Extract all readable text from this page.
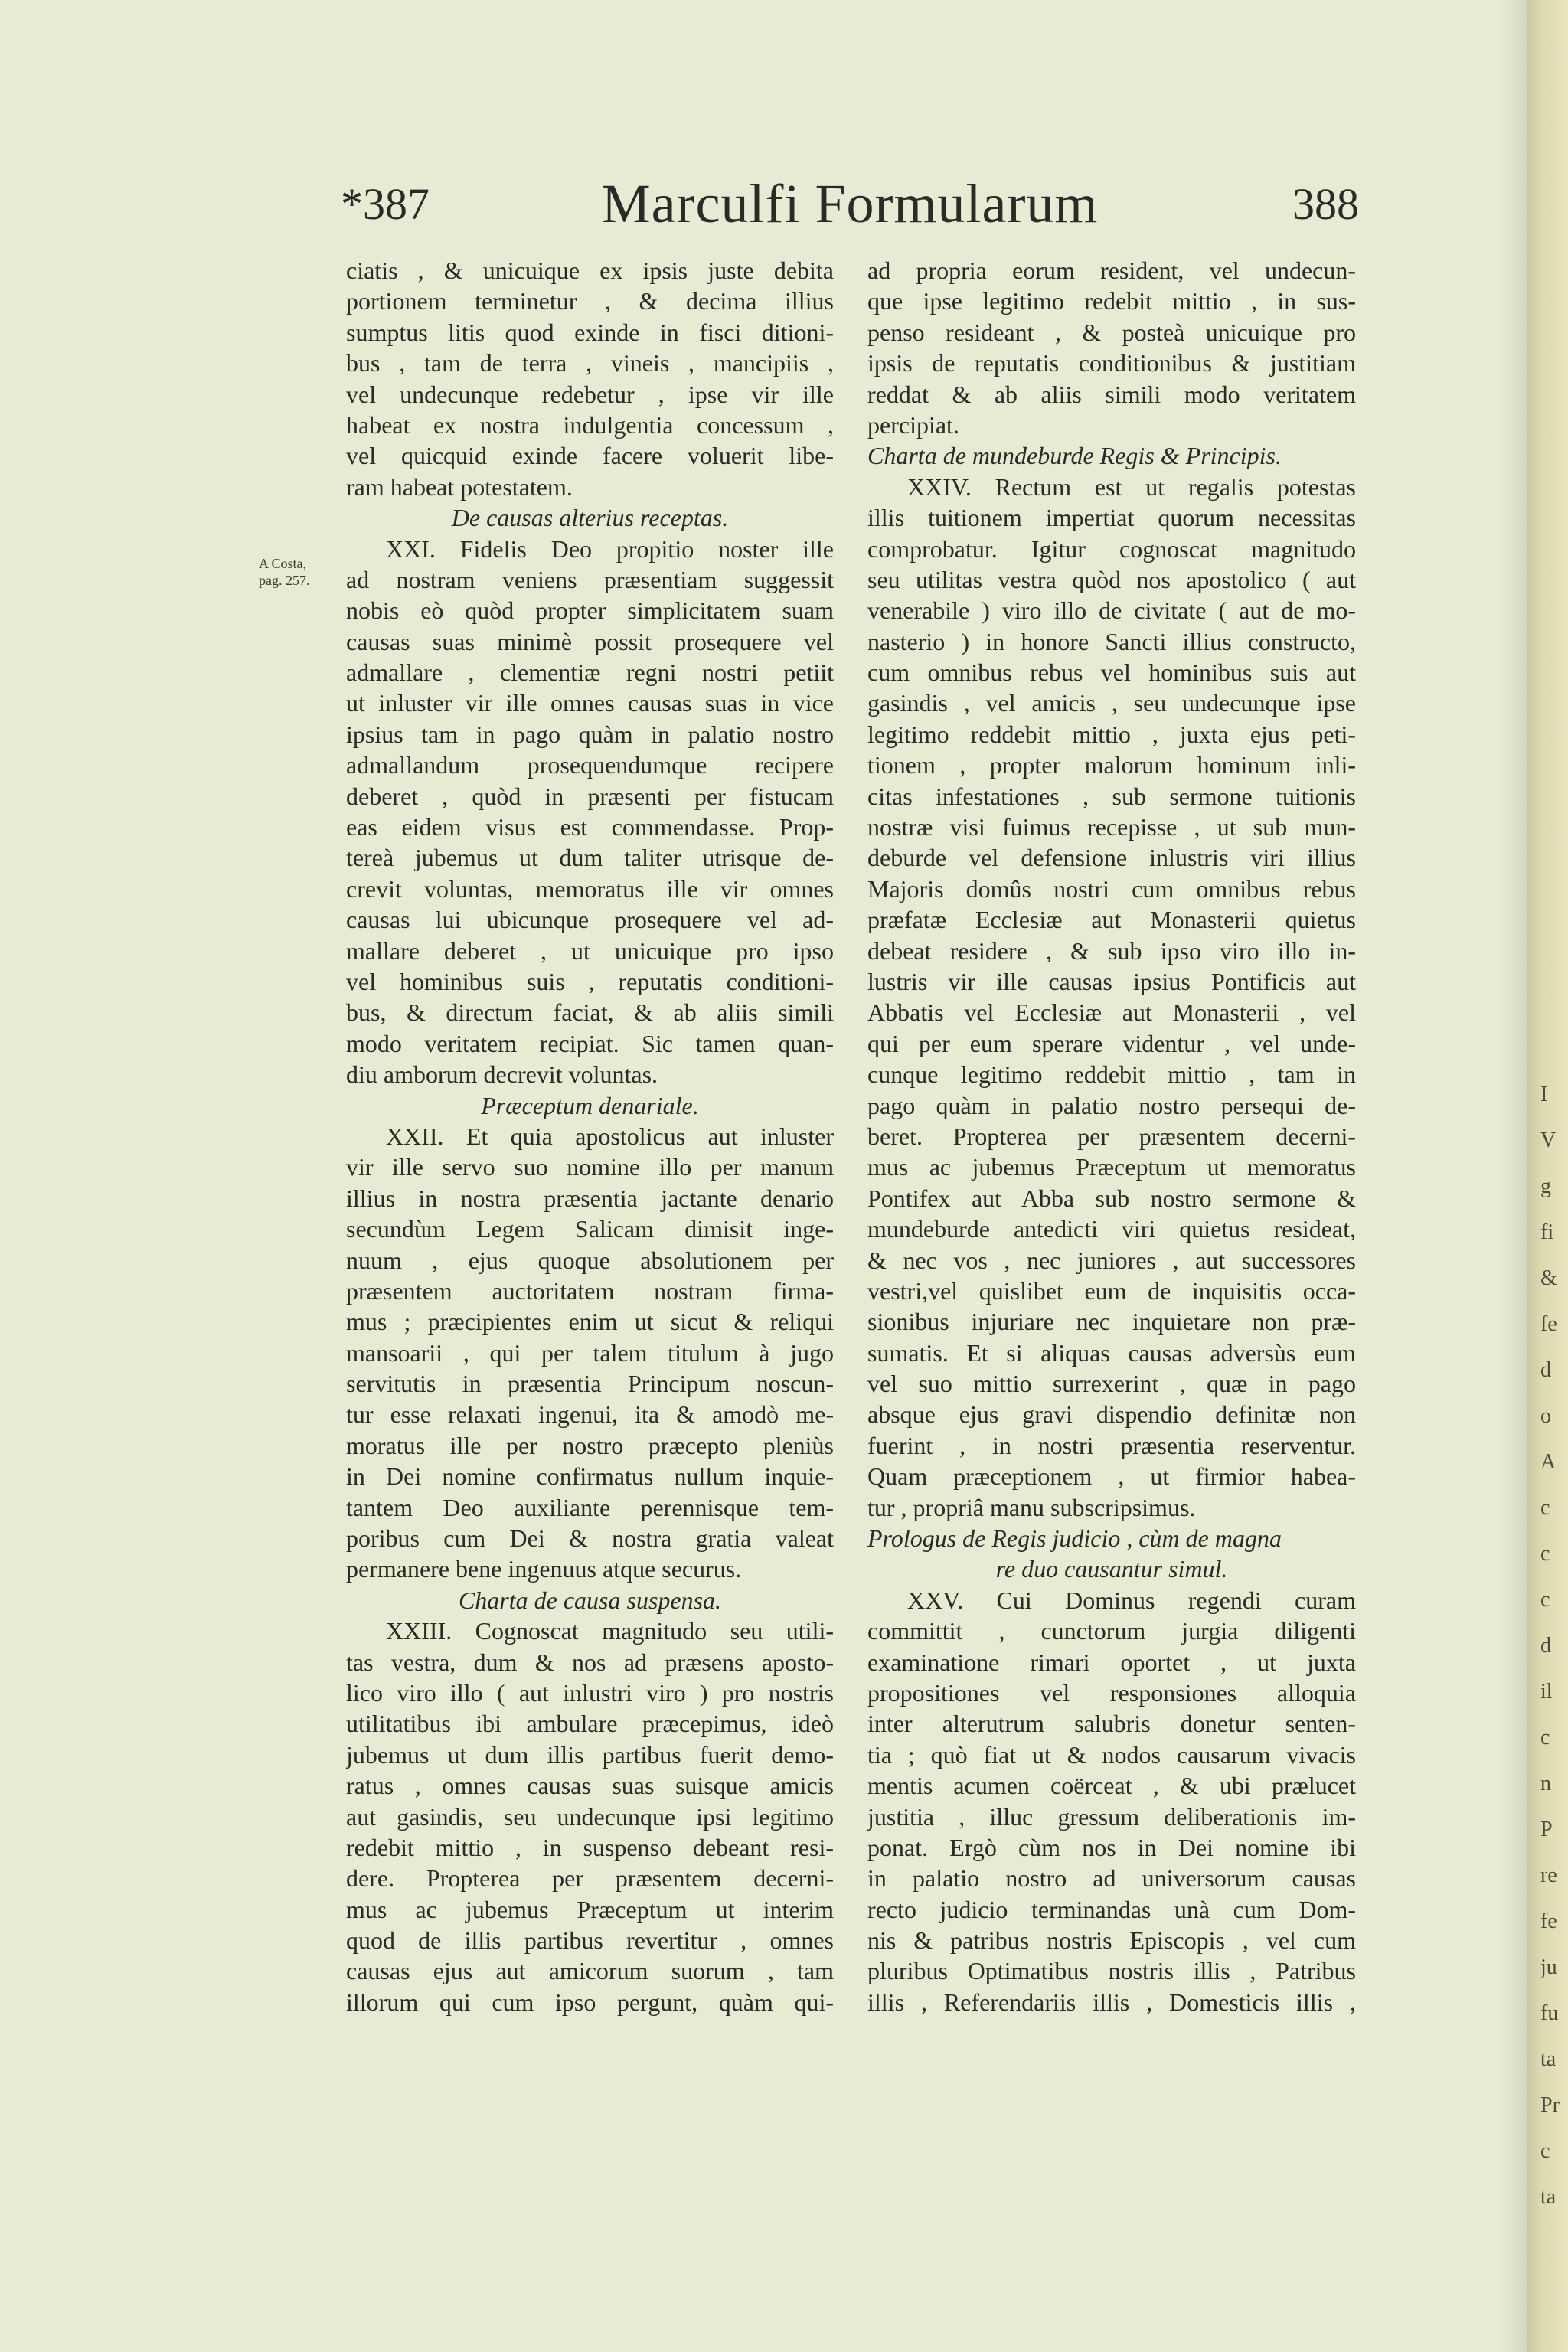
I
V
g
fi
&
fe
d
o
A
c
c
c
d
il
c
n
P
re
fe
ju
fu
ta
Pr
c
ta
*387	Marculfi Formularum	388
A Costa,
pag. 257.
ciatis , & unicuique ex ipsis juste debita
portionem terminetur , & decima illius
sumptus litis quod exinde in fisci ditioni-
bus , tam de terra , vineis , mancipiis ,
vel undecunque redebetur , ipse vir ille
habeat ex nostra indulgentia concessum ,
vel quicquid exinde facere voluerit libe-
ram habeat potestatem.
De causas alterius receptas.
XXI. Fidelis Deo propitio noster ille
ad nostram veniens præsentiam suggessit
nobis eò quòd propter simplicitatem suam
causas suas minimè possit prosequere vel
admallare , clementiæ regni nostri petiit
ut inluster vir ille omnes causas suas in vice
ipsius tam in pago quàm in palatio nostro
admallandum prosequendumque recipere
deberet , quòd in præsenti per fistucam
eas eidem visus est commendasse. Prop-
tereà jubemus ut dum taliter utrisque de-
crevit voluntas, memoratus ille vir omnes
causas lui ubicunque prosequere vel ad-
mallare deberet , ut unicuique pro ipso
vel hominibus suis , reputatis conditioni-
bus, & directum faciat, & ab aliis simili
modo veritatem recipiat. Sic tamen quan-
diu amborum decrevit voluntas.
Præceptum denariale.
XXII. Et quia apostolicus aut inluster
vir ille servo suo nomine illo per manum
illius in nostra præsentia jactante denario
secundùm Legem Salicam dimisit inge-
nuum , ejus quoque absolutionem per
præsentem auctoritatem nostram firma-
mus ; præcipientes enim ut sicut & reliqui
mansoarii , qui per talem titulum à jugo
servitutis in præsentia Principum noscun-
tur esse relaxati ingenui, ita & amodò me-
moratus ille per nostro præcepto pleniùs
in Dei nomine confirmatus nullum inquie-
tantem Deo auxiliante perennisque tem-
poribus cum Dei & nostra gratia valeat
permanere bene ingenuus atque securus.
Charta de causa suspensa.
XXIII. Cognoscat magnitudo seu utili-
tas vestra, dum & nos ad præsens aposto-
lico viro illo ( aut inlustri viro ) pro nostris
utilitatibus ibi ambulare præcepimus, ideò
jubemus ut dum illis partibus fuerit demo-
ratus , omnes causas suas suisque amicis
aut gasindis, seu undecunque ipsi legitimo
redebit mittio , in suspenso debeant resi-
dere. Propterea per præsentem decerni-
mus ac jubemus Præceptum ut interim
quod de illis partibus revertitur , omnes
causas ejus aut amicorum suorum , tam
illorum qui cum ipso pergunt, quàm qui-
ad propria eorum resident, vel undecun-
que ipse legitimo redebit mittio , in sus-
penso resideant , & posteà unicuique pro
ipsis de reputatis conditionibus & justitiam
reddat & ab aliis simili modo veritatem
percipiat.
Charta de mundeburde Regis & Principis.
XXIV. Rectum est ut regalis potestas
illis tuitionem impertiat quorum necessitas
comprobatur. Igitur cognoscat magnitudo
seu utilitas vestra quòd nos apostolico ( aut
venerabile ) viro illo de civitate ( aut de mo-
nasterio ) in honore Sancti illius constructo,
cum omnibus rebus vel hominibus suis aut
gasindis , vel amicis , seu undecunque ipse
legitimo reddebit mittio , juxta ejus peti-
tionem , propter malorum hominum inli-
citas infestationes , sub sermone tuitionis
nostræ visi fuimus recepisse , ut sub mun-
deburde vel defensione inlustris viri illius
Majoris domûs nostri cum omnibus rebus
præfatæ Ecclesiæ aut Monasterii quietus
debeat residere , & sub ipso viro illo in-
lustris vir ille causas ipsius Pontificis aut
Abbatis vel Ecclesiæ aut Monasterii , vel
qui per eum sperare videntur , vel unde-
cunque legitimo reddebit mittio , tam in
pago quàm in palatio nostro persequi de-
beret. Propterea per præsentem decerni-
mus ac jubemus Præceptum ut memoratus
Pontifex aut Abba sub nostro sermone &
mundeburde antedicti viri quietus resideat,
& nec vos , nec juniores , aut successores
vestri,vel quislibet eum de inquisitis occa-
sionibus injuriare nec inquietare non præ-
sumatis. Et si aliquas causas adversùs eum
vel suo mittio surrexerint , quæ in pago
absque ejus gravi dispendio definitæ non
fuerint , in nostri præsentia reserventur.
Quam præceptionem , ut firmior habea-
tur , propriâ manu subscripsimus.
Prologus de Regis judicio , cùm de magna
re duo causantur simul.
XXV. Cui Dominus regendi curam
committit , cunctorum jurgia diligenti
examinatione rimari oportet , ut juxta
propositiones vel responsiones alloquia
inter alterutrum salubris donetur senten-
tia ; quò fiat ut & nodos causarum vivacis
mentis acumen coërceat , & ubi prælucet
justitia , illuc gressum deliberationis im-
ponat. Ergò cùm nos in Dei nomine ibi
in palatio nostro ad universorum causas
recto judicio terminandas unà cum Dom-
nis & patribus nostris Episcopis , vel cum
pluribus Optimatibus nostris illis , Patribus
illis , Referendariis illis , Domesticis illis ,
